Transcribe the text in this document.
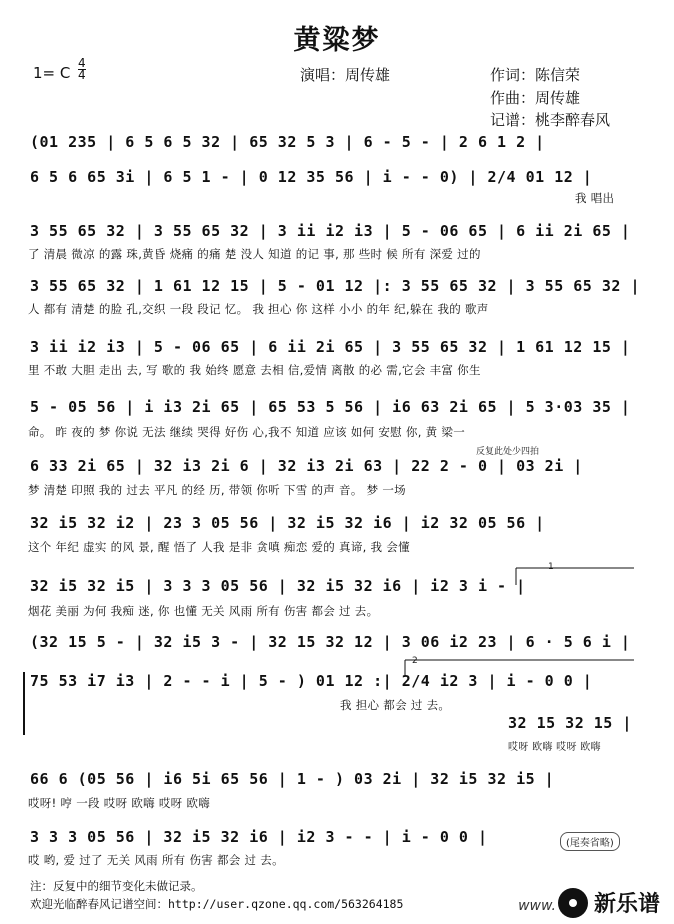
黄粱梦
1= C $\frac{4}{4}$	演唱：周传雄	作词：陈信荣
作曲：周传雄
记谱：桃李醉春风
(01 235 | 6 5 6 5 32 | 65 32 5 3 | 6 - 5 - | 2 6 1 2 |
6 5 6 65 3i | 6 5 1 - | 0 12 35 56 | i - - 0) | 2/4 01 12 |
我 唱出
3 55 65 32 | 3 55 65 32 | 3 ii i2 i3 | 5 - 06 65 | 6 ii 2i 65 |
了 清晨 微凉 的露 珠,黄昏 烧痛 的痛 楚 没人 知道 的记 事, 那 些时 候 所有 深爱 过的
3 55 65 32 | 1 61 12 15 | 5 - 01 12 |: 3 55 65 32 | 3 55 65 32 |
人 都有 清楚 的脸 孔,交织 一段 段记 忆。 我 担心 你 这样 小小 的年 纪,躲在 我的 歌声
3 ii i2 i3 | 5 - 06 65 | 6 ii 2i 65 | 3 55 65 32 | 1 61 12 15 |
里 不敢 大胆 走出 去, 写 歌的 我 始终 愿意 去相 信,爱情 离散 的必 需,它会 丰富 你生
5 - 05 56 | i i3 2i 65 | 65 53 5 56 | i6 63 2i 65 | 5 3·03 35 |
命。 昨 夜的 梦 你说 无法 继续 哭得 好伤 心,我不 知道 应该 如何 安慰 你, 黄 梁一
反复此处少四拍
6 33 2i 65 | 32 i3 2i 6 | 32 i3 2i 63 | 22 2 - 0 | 03 2i |
梦 清楚 印照 我的 过去 平凡 的经 历, 带领 你听 下雪 的声 音。 梦 一场
32 i5 32 i2 | 23 3 05 56 | 32 i5 32 i6 | i2 32 05 56 |
这个 年纪 虚实 的风 景, 醒 悟了 人我 是非 贪嗔 痴恋 爱的 真谛, 我 会懂
1
32 i5 32 i5 | 3 3 3 05 56 | 32 i5 32 i6 | i2 3 i - |
烟花 美丽 为何 我痴 迷, 你 也懂 无关 风雨 所有 伤害 都会 过 去。
(32 15 5 - | 32 i5 3 - | 32 15 32 12 | 3 06 i2 23 | 6 · 5 6 i |
2
75 53 i7 i3 | 2 - - i | 5 - ) 01 12 :| 2/4 i2 3 | i - 0 0 |
我 担心 都会 过 去。
32 15 32 15 |
哎呀 欧嗨 哎呀 欧嗨
66 6 (05 56 | i6 5i 65 56 | 1 - ) 03 2i | 32 i5 32 i5 |
哎呀! 哼 一段 哎呀 欧嗨 哎呀 欧嗨
3 3 3 05 56 | 32 i5 32 i6 | i2 3 - - | i - 0 0 |
哎 哟, 爱 过了 无关 风雨 所有 伤害 都会 过 去。
(尾奏省略)
注：反复中的细节变化未做记录。
欢迎光临醉春风记谱空间：http://user.qzone.qq.com/563264185	www. 新乐谱
